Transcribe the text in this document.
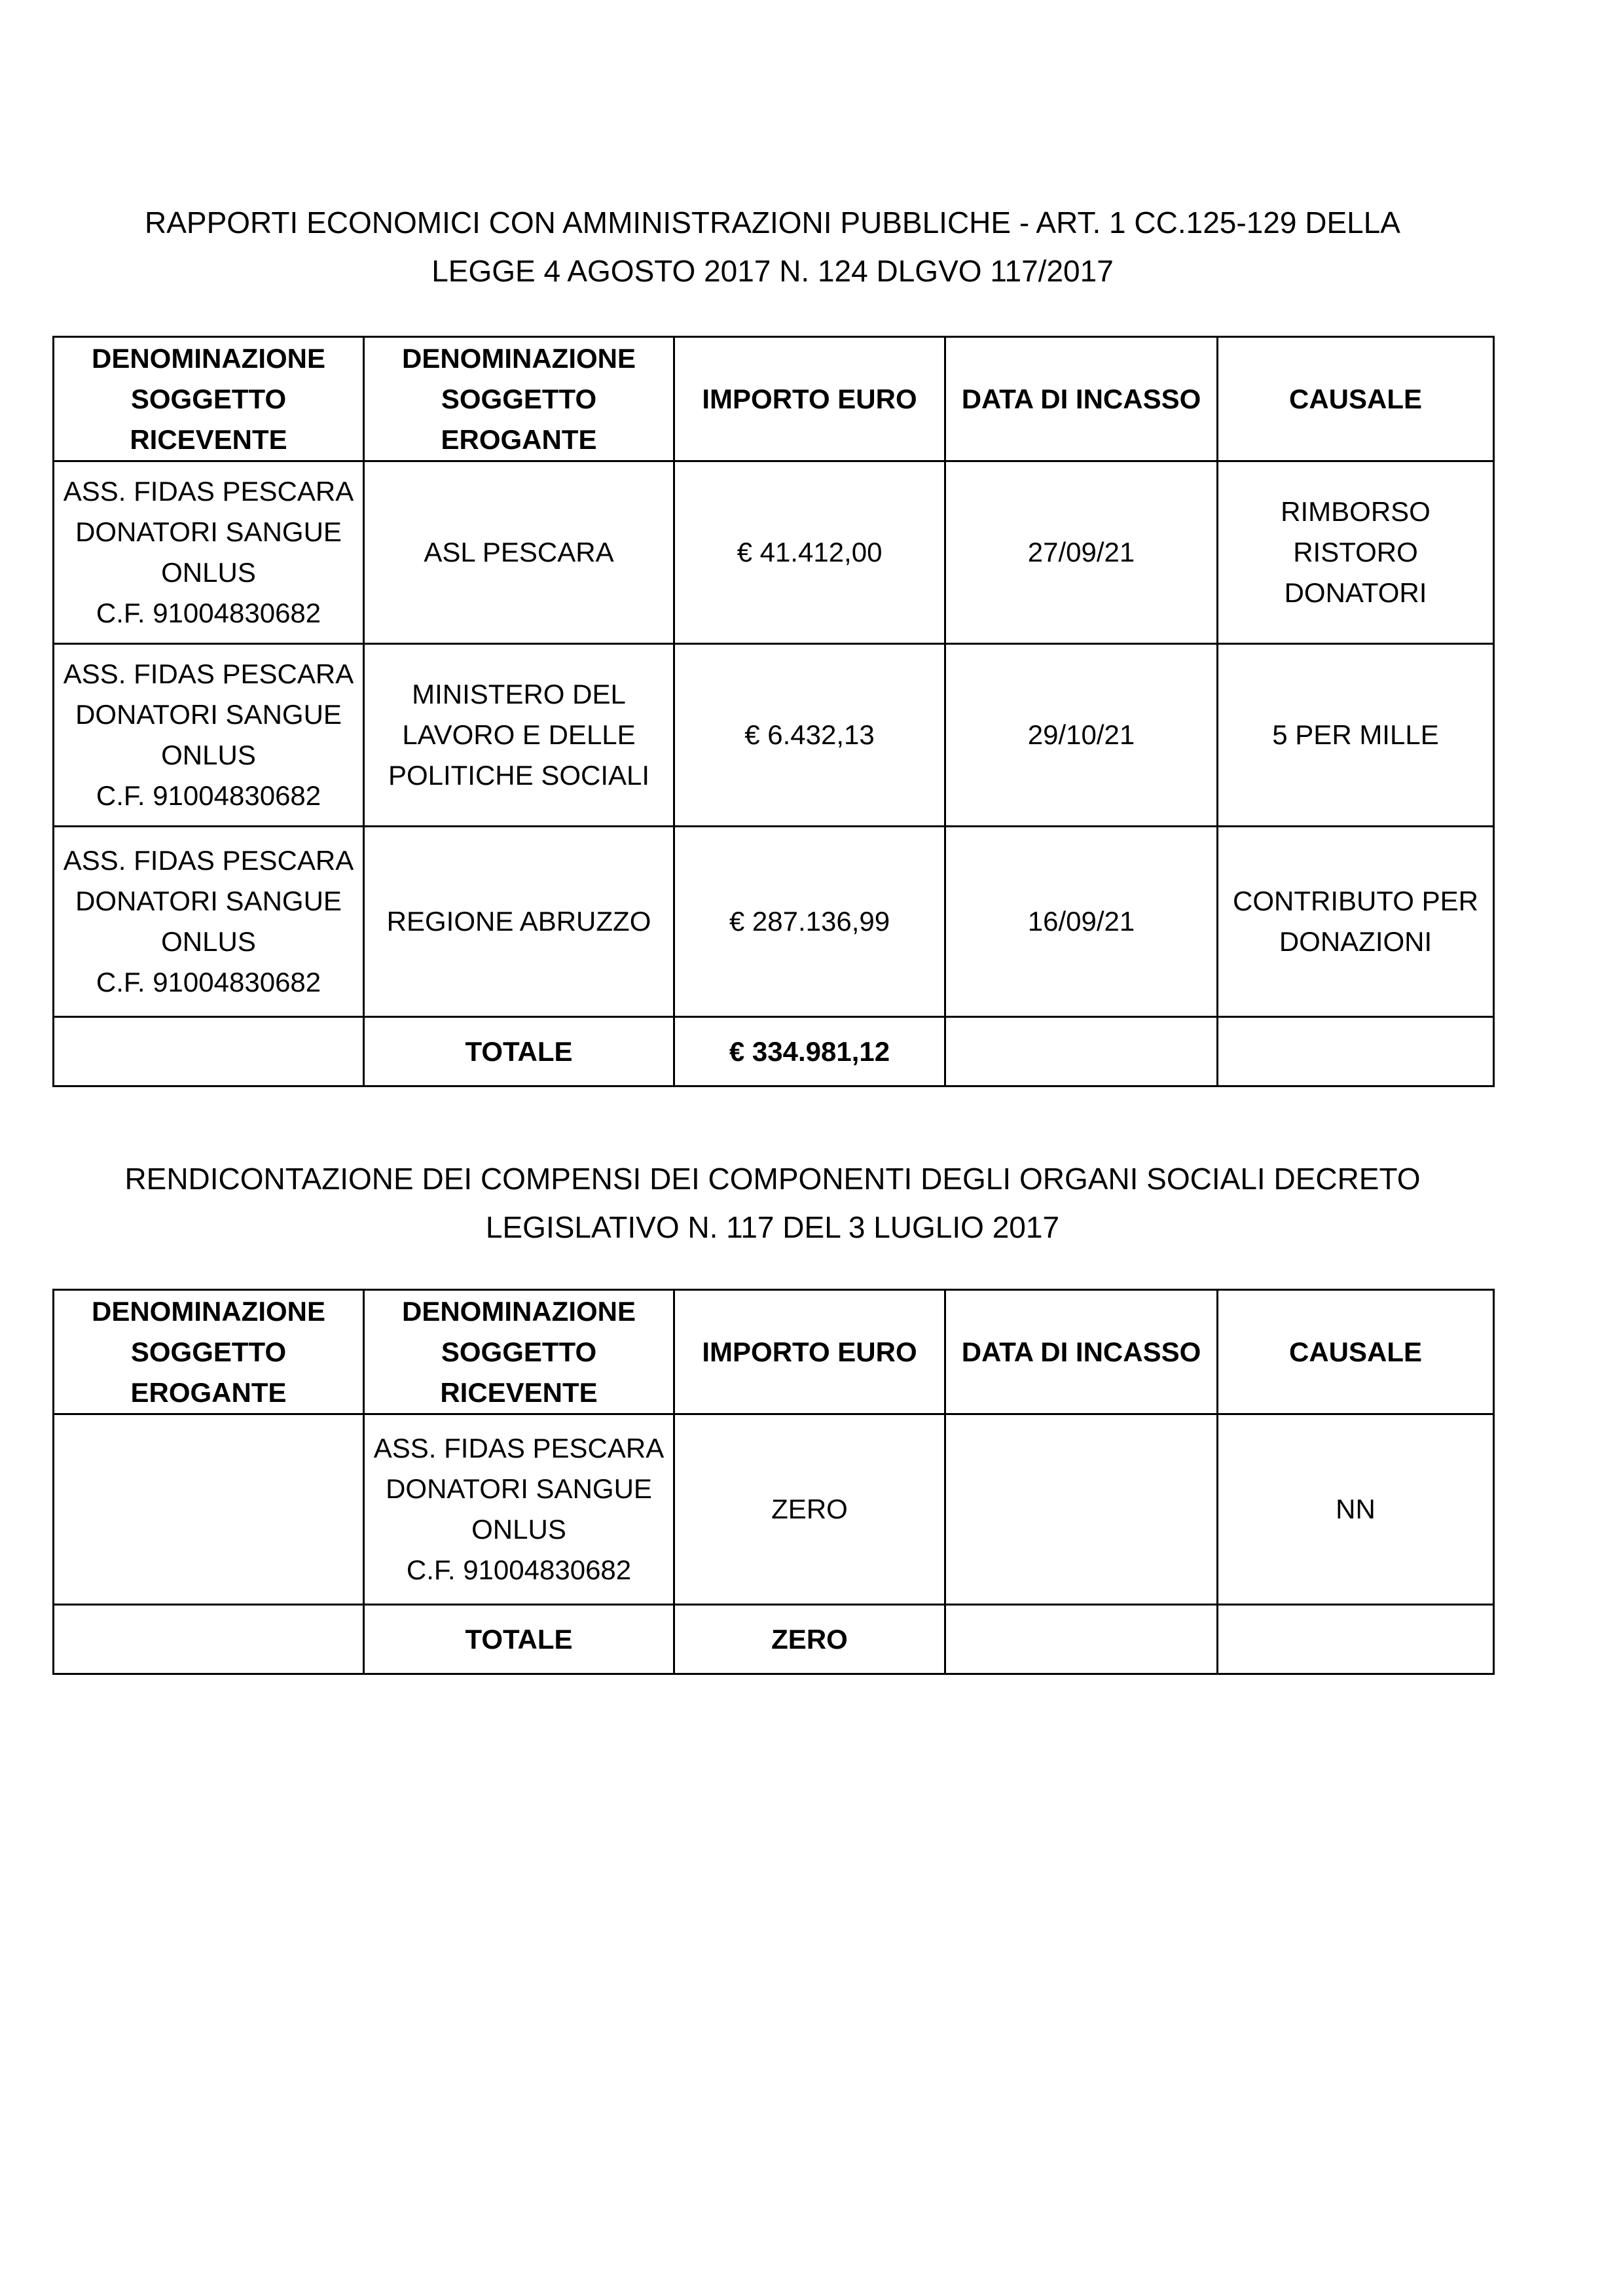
RAPPORTI ECONOMICI CON AMMINISTRAZIONI PUBBLICHE - ART. 1 CC.125-129 DELLA
LEGGE 4 AGOSTO 2017 N. 124 DLGVO 117/2017
DENOMINAZIONE
SOGGETTO
RICEVENTE	DENOMINAZIONE
SOGGETTO
EROGANTE	IMPORTO EURO	DATA DI INCASSO	CAUSALE

ASS. FIDAS PESCARA
DONATORI SANGUE
ONLUS
C.F. 91004830682	ASL PESCARA	€ 41.412,00	27/09/21	RIMBORSO
RISTORO
DONATORI

ASS. FIDAS PESCARA
DONATORI SANGUE
ONLUS
C.F. 91004830682	MINISTERO DEL
LAVORO E DELLE
POLITICHE SOCIALI	€ 6.432,13	29/10/21	5 PER MILLE

ASS. FIDAS PESCARA
DONATORI SANGUE
ONLUS
C.F. 91004830682	REGIONE ABRUZZO	€ 287.136,99	16/09/21	CONTRIBUTO PER
DONAZIONI

	TOTALE	€ 334.981,12		
RENDICONTAZIONE DEI COMPENSI DEI COMPONENTI DEGLI ORGANI SOCIALI DECRETO
LEGISLATIVO N. 117 DEL 3 LUGLIO 2017
DENOMINAZIONE
SOGGETTO
EROGANTE	DENOMINAZIONE
SOGGETTO
RICEVENTE	IMPORTO EURO	DATA DI INCASSO	CAUSALE

	ASS. FIDAS PESCARA
DONATORI SANGUE
ONLUS
C.F. 91004830682	ZERO		NN

	TOTALE	ZERO		
